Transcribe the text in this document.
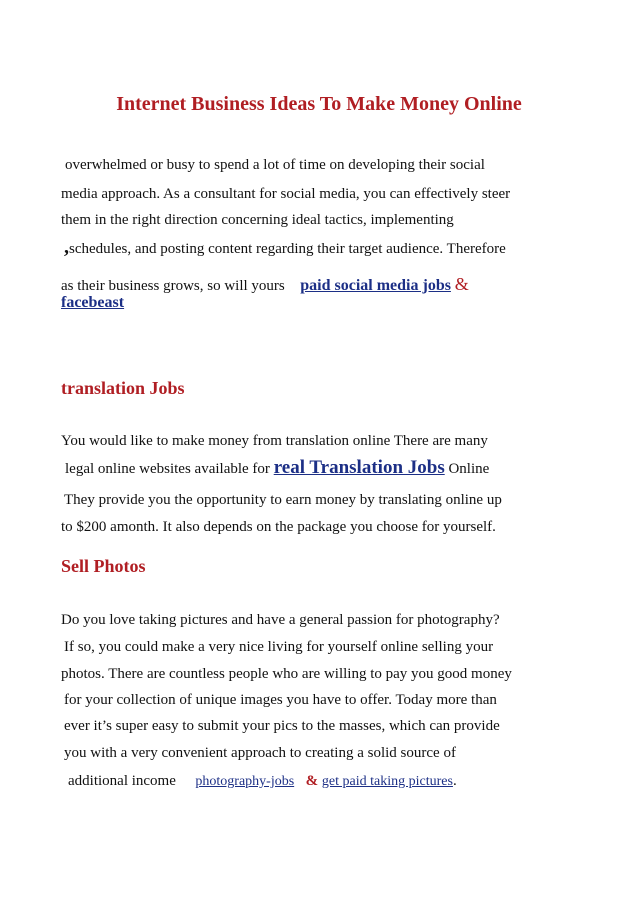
Internet Business Ideas To Make Money Online
overwhelmed or busy to spend a lot of time on developing their social
media approach. As a consultant for social media, you can effectively steer
them in the right direction concerning ideal tactics, implementing
,schedules, and posting content regarding their target audience. Therefore
as their business grows, so will yours paid social media jobs &
facebeast
translation Jobs
You would like to make money from translation online There are many
legal online websites available for real Translation Jobs Online
They provide you the opportunity to earn money by translating online up
to $200 amonth. It also depends on the package you choose for yourself.
Sell Photos
Do you love taking pictures and have a general passion for photography?
If so, you could make a very nice living for yourself online selling your
photos. There are countless people who are willing to pay you good money
for your collection of unique images you have to offer. Today more than
ever it’s super easy to submit your pics to the masses, which can provide
you with a very convenient approach to creating a solid source of
additional income photography-jobs & get paid taking pictures.
